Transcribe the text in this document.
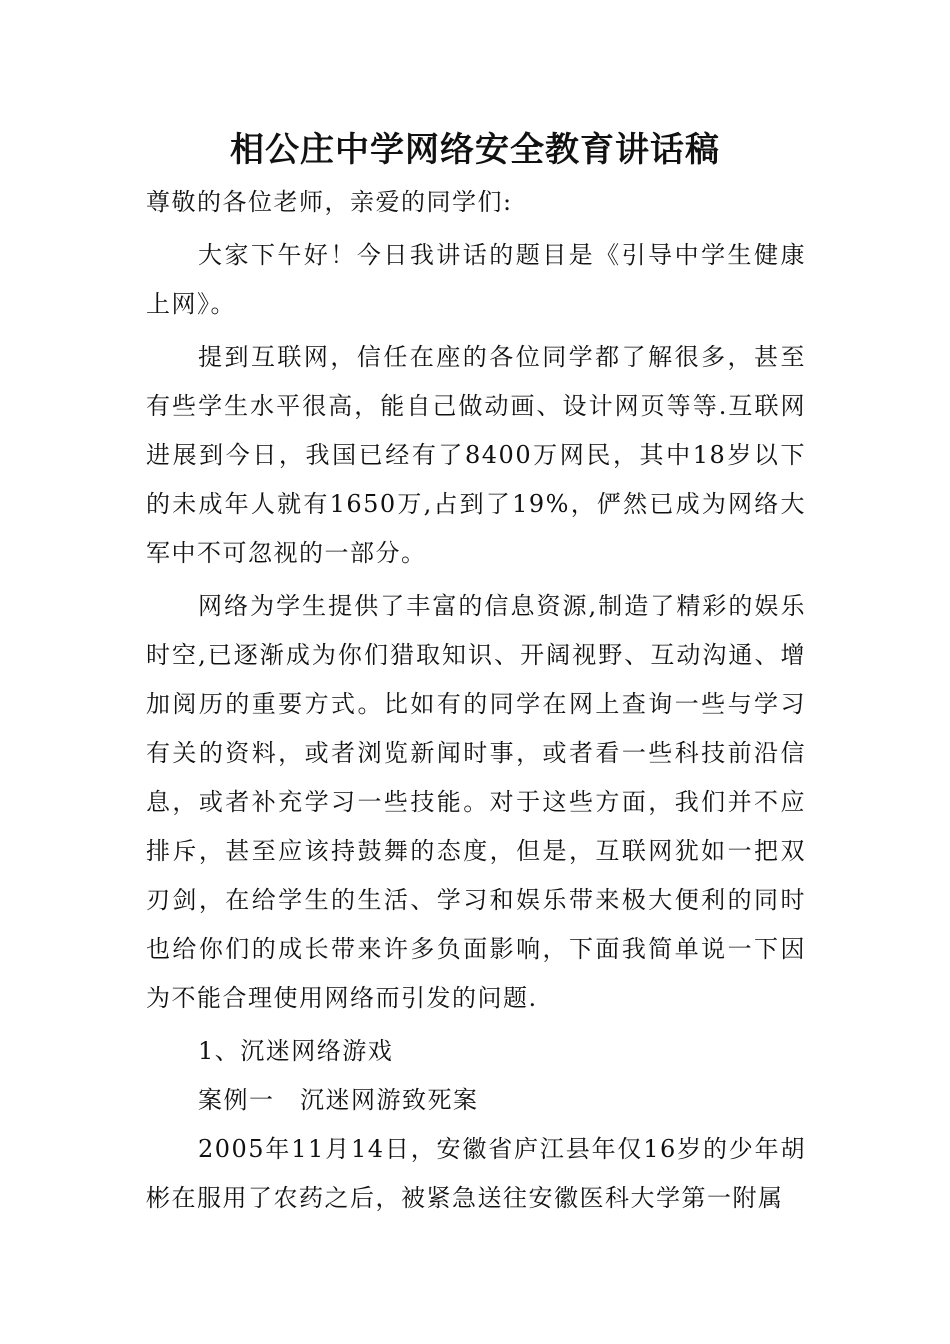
相公庄中学网络安全教育讲话稿

尊敬的各位老师，亲爱的同学们:

大家下午好！今日我讲话的题目是《引导中学生健康上网》。

提到互联网，信任在座的各位同学都了解很多，甚至有些学生水平很高，能自己做动画、设计网页等等.互联网进展到今日，我国已经有了8400万网民，其中18岁以下的未成年人就有1650万,占到了19%，俨然已成为网络大军中不可忽视的一部分。

网络为学生提供了丰富的信息资源,制造了精彩的娱乐时空,已逐渐成为你们猎取知识、开阔视野、互动沟通、增加阅历的重要方式。比如有的同学在网上查询一些与学习有关的资料，或者浏览新闻时事，或者看一些科技前沿信息，或者补充学习一些技能。对于这些方面，我们并不应排斥，甚至应该持鼓舞的态度，但是，互联网犹如一把双刃剑，在给学生的生活、学习和娱乐带来极大便利的同时也给你们的成长带来许多负面影响，下面我简单说一下因为不能合理使用网络而引发的问题.

1、沉迷网络游戏

案例一　沉迷网游致死案

2005年11月14日，安徽省庐江县年仅16岁的少年胡彬在服用了农药之后，被紧急送往安徽医科大学第一附属
